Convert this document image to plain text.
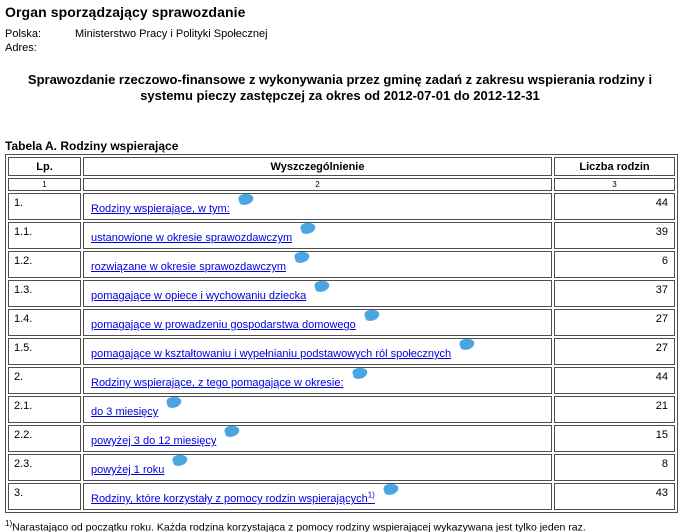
Organ sporządzający sprawozdanie
Polska:	Ministerstwo Pracy i Polityki Społecznej
Adres:
Sprawozdanie rzeczowo-finansowe z wykonywania przez gminę zadań z zakresu wspierania rodziny i systemu pieczy zastępczej za okres od 2012-07-01 do 2012-12-31
Tabela A. Rodziny wspierające
Lp.	Wyszczególnienie	Liczba rodzin
1	2	3
1.	Rodziny wspierające, w tym:	44
1.1.	ustanowione w okresie sprawozdawczym	39
1.2.	rozwiązane w okresie sprawozdawczym	6
1.3.	pomagające w opiece i wychowaniu dziecka	37
1.4.	pomagające w prowadzeniu gospodarstwa domowego	27
1.5.	pomagające w kształtowaniu i wypełnianiu podstawowych ról społecznych	27
2.	Rodziny wspierające, z tego pomagające w okresie:	44
2.1.	do 3 miesięcy	21
2.2.	powyżej 3 do 12 miesięcy	15
2.3.	powyżej 1 roku	8
3.	Rodziny, które korzystały z pomocy rodzin wspierających$^{1)}$	43
$^{1)}$Narastająco od początku roku. Każda rodzina korzystająca z pomocy rodziny wspierającej wykazywana jest tylko jeden raz.
